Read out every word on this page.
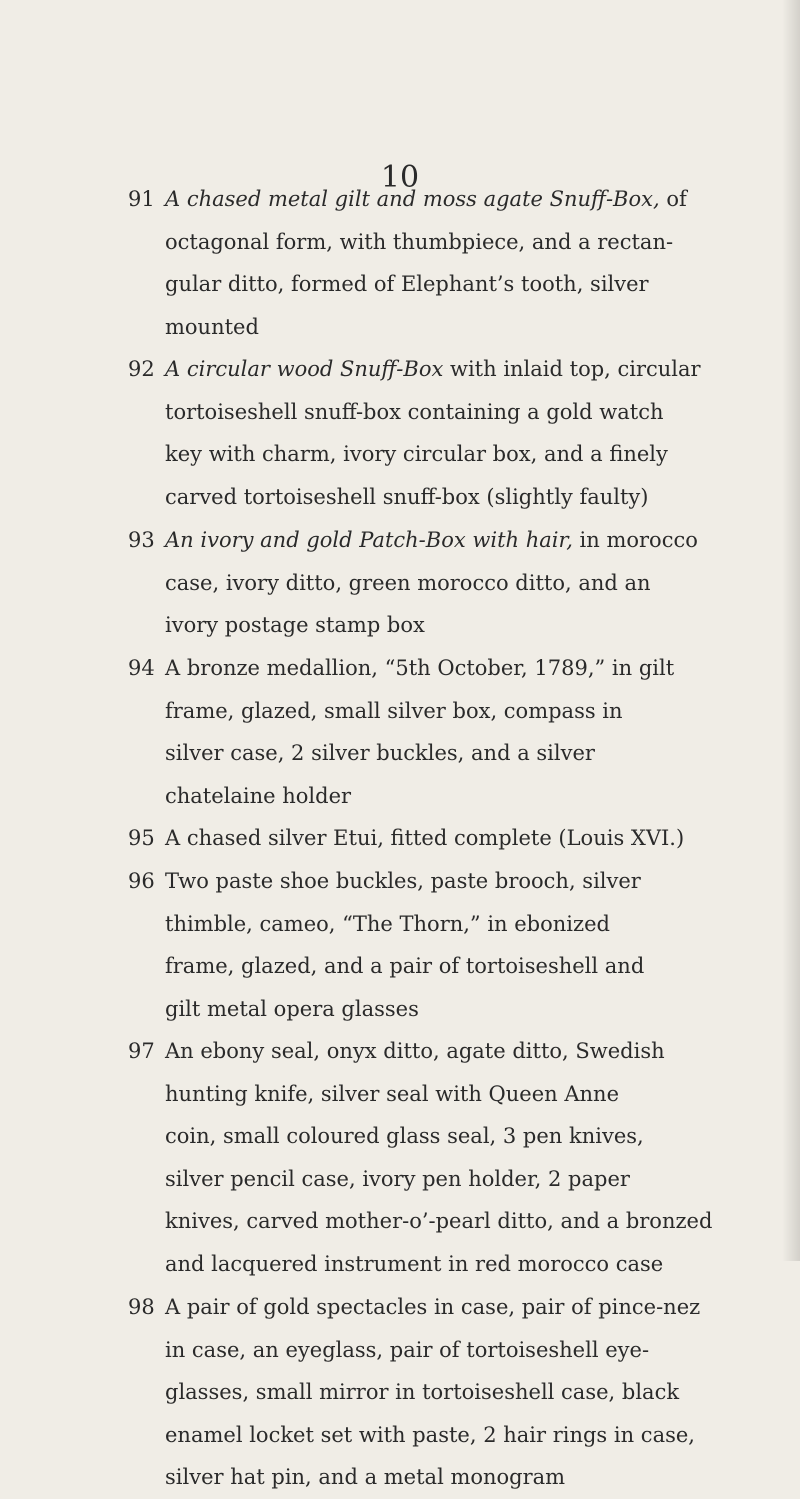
10
91 A chased metal gilt and moss agate Snuff-Box, of
octagonal form, with thumbpiece, and a rectan-
gular ditto, formed of Elephant’s tooth, silver
mounted
92 A circular wood Snuff-Box with inlaid top, circular
tortoiseshell snuff-box containing a gold watch
key with charm, ivory circular box, and a finely
carved tortoiseshell snuff-box (slightly faulty)
93 An ivory and gold Patch-Box with hair, in morocco
case, ivory ditto, green morocco ditto, and an
ivory postage stamp box
94 A bronze medallion, “5th October, 1789,” in gilt
frame, glazed, small silver box, compass in
silver case, 2 silver buckles, and a silver
chatelaine holder
95 A chased silver Etui, fitted complete (Louis XVI.)
96 Two paste shoe buckles, paste brooch, silver
thimble, cameo, “The Thorn,” in ebonized
frame, glazed, and a pair of tortoiseshell and
gilt metal opera glasses
97 An ebony seal, onyx ditto, agate ditto, Swedish
hunting knife, silver seal with Queen Anne
coin, small coloured glass seal, 3 pen knives,
silver pencil case, ivory pen holder, 2 paper
knives, carved mother-o’-pearl ditto, and a bronzed
and lacquered instrument in red morocco case
98 A pair of gold spectacles in case, pair of pince-nez
in case, an eyeglass, pair of tortoiseshell eye-
glasses, small mirror in tortoiseshell case, black
enamel locket set with paste, 2 hair rings in case,
silver hat pin, and a metal monogram
